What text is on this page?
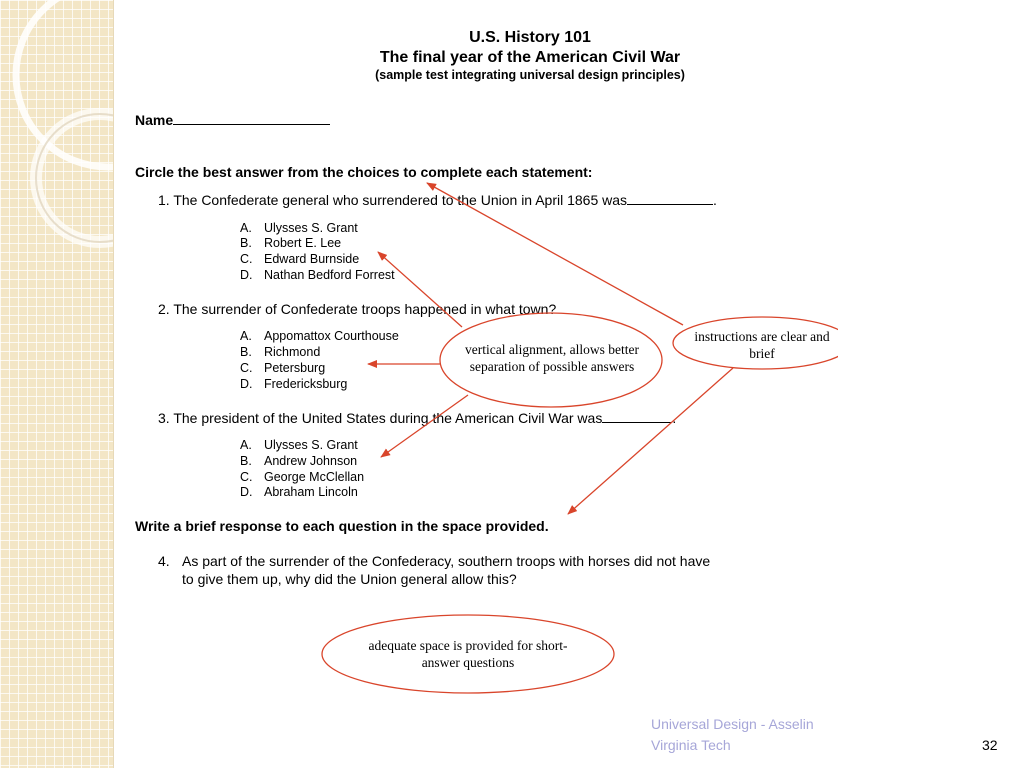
U.S. History 101
The final year of the American Civil War
(sample test integrating universal design principles)
Name
Circle the best answer from the choices to complete each statement:
1. The Confederate general who surrendered to the Union in April 1865 was	.
A. Ulysses S. Grant
B. Robert E. Lee
C. Edward Burnside
D. Nathan Bedford Forrest
2. The surrender of Confederate troops happened in what town?
A. Appomattox Courthouse
B. Richmond
C. Petersburg
D. Fredericksburg
3. The president of the United States during the American Civil War was	.
A. Ulysses S. Grant
B. Andrew Johnson
C. George McClellan
D. Abraham Lincoln
Write a brief response to each question in the space provided.
4. As part of the surrender of the Confederacy, southern troops with horses did not have
to give them up, why did the Union general allow this?
vertical alignment, allows better separation of possible answers
instructions are clear and brief
adequate space is provided for short-answer questions
Universal Design - Asselin
Virginia Tech	32
